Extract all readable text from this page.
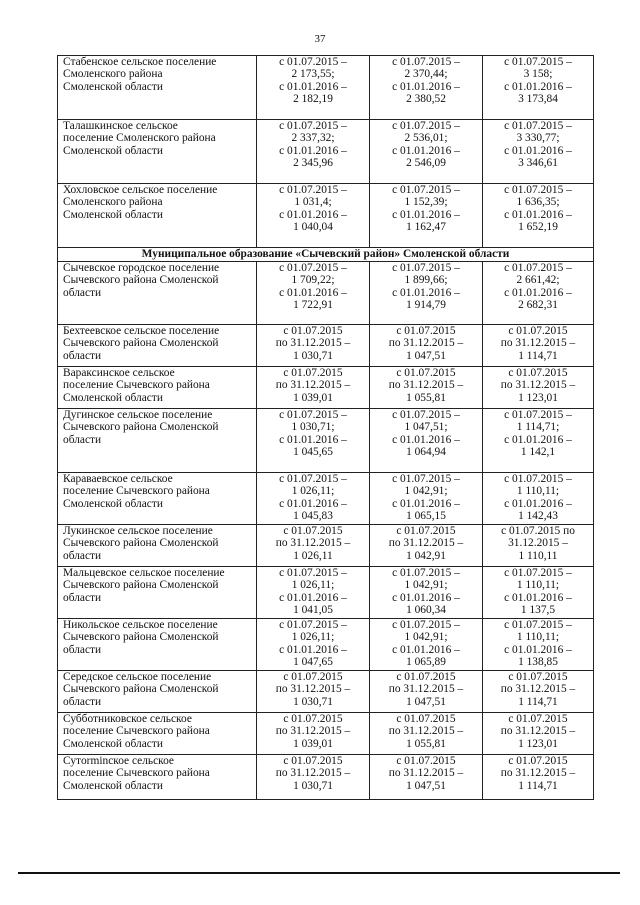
37
Стабенское сельское поселение
Смоленского района
Смоленской области	с 01.07.2015 –
2 173,55;
с 01.01.2016 –
2 182,19	с 01.07.2015 –
2 370,44;
с 01.01.2016 –
2 380,52	с 01.07.2015 –
3 158;
с 01.01.2016 –
3 173,84

Талашкинское сельское
поселение Смоленского района
Смоленской области	с 01.07.2015 –
2 337,32;
с 01.01.2016 –
2 345,96	с 01.07.2015 –
2 536,01;
с 01.01.2016 –
2 546,09	с 01.07.2015 –
3 330,77;
с 01.01.2016 –
3 346,61

Хохловское сельское поселение
Смоленского района
Смоленской области	с 01.07.2015 –
1 031,4;
с 01.01.2016 –
1 040,04	с 01.07.2015 –
1 152,39;
с 01.01.2016 –
1 162,47	с 01.07.2015 –
1 636,35;
с 01.01.2016 –
1 652,19

Муниципальное образование «Сычевский район» Смоленской области			

Сычевское городское поселение
Сычевского района Смоленской
области	с 01.07.2015 –
1 709,22;
с 01.01.2016 –
1 722,91	с 01.07.2015 –
1 899,66;
с 01.01.2016 –
1 914,79	с 01.07.2015 –
2 661,42;
с 01.01.2016 –
2 682,31

Бехтеевское сельское поселение
Сычевского района Смоленской
области	с 01.07.2015
по 31.12.2015 –
1 030,71	с 01.07.2015
по 31.12.2015 –
1 047,51	с 01.07.2015
по 31.12.2015 –
1 114,71

Вараксинское сельское
поселение Сычевского района
Смоленской области	с 01.07.2015
по 31.12.2015 –
1 039,01	с 01.07.2015
по 31.12.2015 –
1 055,81	с 01.07.2015
по 31.12.2015 –
1 123,01

Дугинское сельское поселение
Сычевского района Смоленской
области	с 01.07.2015 –
1 030,71;
с 01.01.2016 –
1 045,65	с 01.07.2015 –
1 047,51;
с 01.01.2016 –
1 064,94	с 01.07.2015 –
1 114,71;
с 01.01.2016 –
1 142,1

Караваевское сельское
поселение Сычевского района
Смоленской области	с 01.07.2015 –
1 026,11;
с 01.01.2016 –
1 045,83	с 01.07.2015 –
1 042,91;
с 01.01.2016 –
1 065,15	с 01.07.2015 –
1 110,11;
с 01.01.2016 –
1 142,43

Лукинское сельское поселение
Сычевского района Смоленской
области	с 01.07.2015
по 31.12.2015 –
1 026,11	с 01.07.2015
по 31.12.2015 –
1 042,91	с 01.07.2015 по
31.12.2015 –
1 110,11

Мальцевское сельское поселение
Сычевского района Смоленской
области	с 01.07.2015 –
1 026,11;
с 01.01.2016 –
1 041,05	с 01.07.2015 –
1 042,91;
с 01.01.2016 –
1 060,34	с 01.07.2015 –
1 110,11;
с 01.01.2016 –
1 137,5

Никольское сельское поселение
Сычевского района Смоленской
области	с 01.07.2015 –
1 026,11;
с 01.01.2016 –
1 047,65	с 01.07.2015 –
1 042,91;
с 01.01.2016 –
1 065,89	с 01.07.2015 –
1 110,11;
с 01.01.2016 –
1 138,85

Середское сельское поселение
Сычевского района Смоленской
области	с 01.07.2015
по 31.12.2015 –
1 030,71	с 01.07.2015
по 31.12.2015 –
1 047,51	с 01.07.2015
по 31.12.2015 –
1 114,71

Субботниковское сельское
поселение Сычевского района
Смоленской области	с 01.07.2015
по 31.12.2015 –
1 039,01	с 01.07.2015
по 31.12.2015 –
1 055,81	с 01.07.2015
по 31.12.2015 –
1 123,01

Сутorminское сельское
поселение Сычевского района
Смоленской области	с 01.07.2015
по 31.12.2015 –
1 030,71	с 01.07.2015
по 31.12.2015 –
1 047,51	с 01.07.2015
по 31.12.2015 –
1 114,71
